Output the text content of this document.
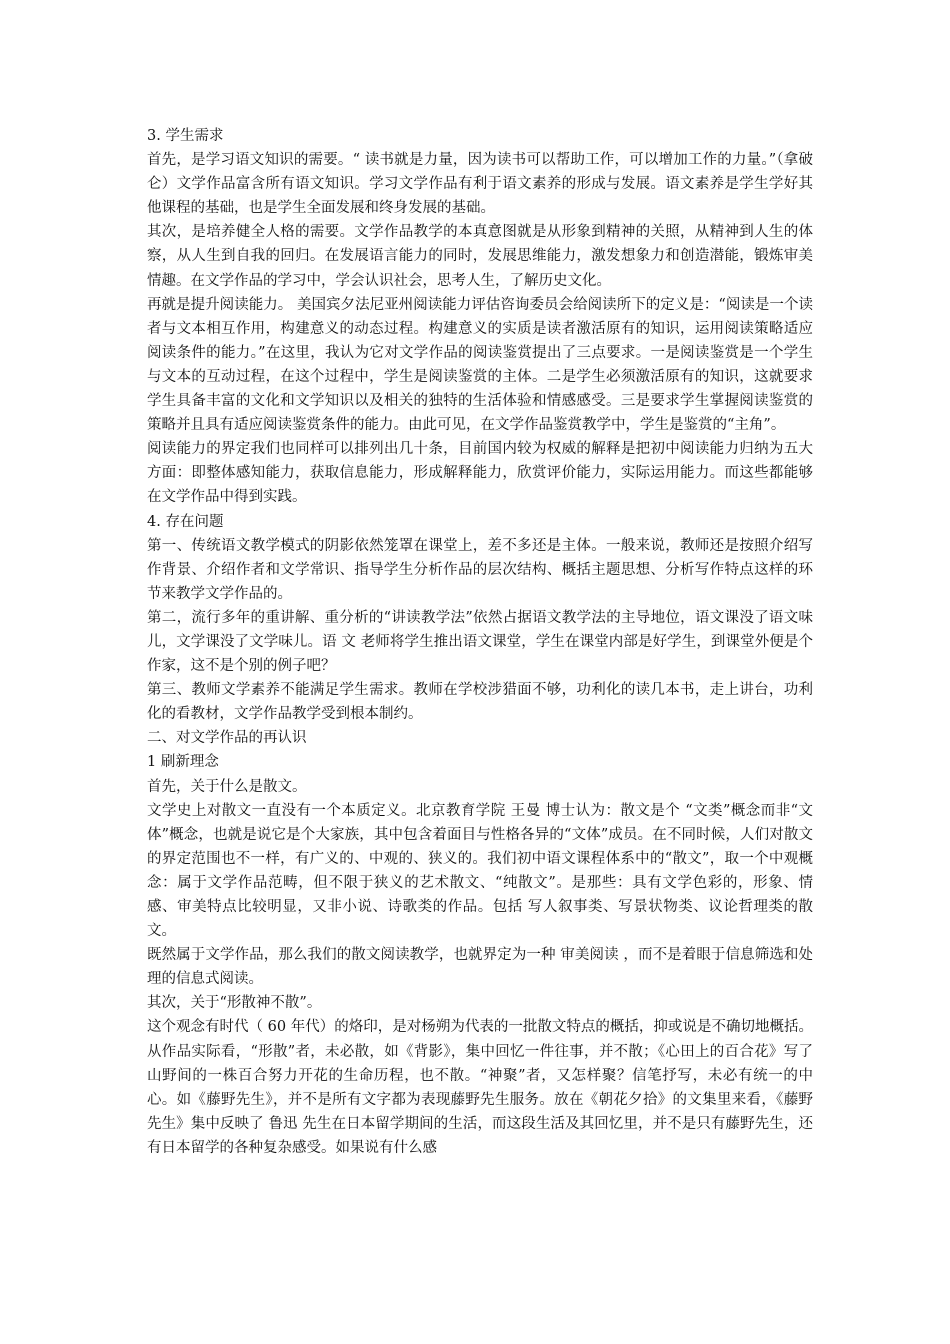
3. 学生需求

首先，是学习语文知识的需要。“ 读书就是力量，因为读书可以帮助工作，可以增加工作的力量。”（拿破仑）文学作品富含所有语文知识。学习文学作品有利于语文素养的形成与发展。语文素养是学生学好其他课程的基础，也是学生全面发展和终身发展的基础。

其次，是培养健全人格的需要。文学作品教学的本真意图就是从形象到精神的关照，从精神到人生的体察，从人生到自我的回归。在发展语言能力的同时，发展思维能力，激发想象力和创造潜能，锻炼审美情趣。在文学作品的学习中，学会认识社会，思考人生，了解历史文化。

再就是提升阅读能力。 美国宾夕法尼亚州阅读能力评估咨询委员会给阅读所下的定义是：“阅读是一个读者与文本相互作用，构建意义的动态过程。构建意义的实质是读者激活原有的知识，运用阅读策略适应阅读条件的能力。”在这里，我认为它对文学作品的阅读鉴赏提出了三点要求。一是阅读鉴赏是一个学生与文本的互动过程，在这个过程中，学生是阅读鉴赏的主体。二是学生必须激活原有的知识，这就要求学生具备丰富的文化和文学知识以及相关的独特的生活体验和情感感受。三是要求学生掌握阅读鉴赏的策略并且具有适应阅读鉴赏条件的能力。由此可见，在文学作品鉴赏教学中，学生是鉴赏的“主角”。

阅读能力的界定我们也同样可以排列出几十条，目前国内较为权威的解释是把初中阅读能力归纳为五大方面：即整体感知能力，获取信息能力，形成解释能力，欣赏评价能力，实际运用能力。而这些都能够在文学作品中得到实践。

4. 存在问题

第一、传统语文教学模式的阴影依然笼罩在课堂上，差不多还是主体。一般来说，教师还是按照介绍写作背景、介绍作者和文学常识、指导学生分析作品的层次结构、概括主题思想、分析写作特点这样的环节来教学文学作品的。

第二，流行多年的重讲解、重分析的“讲读教学法”依然占据语文教学法的主导地位，语文课没了语文味儿，文学课没了文学味儿。语 文 老师将学生推出语文课堂，学生在课堂内部是好学生，到课堂外便是个作家，这不是个别的例子吧？

第三、教师文学素养不能满足学生需求。教师在学校涉猎面不够，功利化的读几本书，走上讲台，功利化的看教材，文学作品教学受到根本制约。

二、对文学作品的再认识

1 刷新理念

首先，关于什么是散文。

文学史上对散文一直没有一个本质定义。北京教育学院 王曼 博士认为：散文是个 “文类”概念而非“文体”概念，也就是说它是个大家族，其中包含着面目与性格各异的“文体”成员。在不同时候，人们对散文的界定范围也不一样，有广义的、中观的、狭义的。我们初中语文课程体系中的“散文”，取一个中观概念：属于文学作品范畴，但不限于狭义的艺术散文、“纯散文”。是那些：具有文学色彩的，形象、情感、审美特点比较明显，又非小说、诗歌类的作品。包括 写人叙事类、写景状物类、议论哲理类的散文。

既然属于文学作品，那么我们的散文阅读教学，也就界定为一种 审美阅读 ，而不是着眼于信息筛选和处理的信息式阅读。

其次，关于“形散神不散”。

这个观念有时代（ 60 年代）的烙印，是对杨朔为代表的一批散文特点的概括，抑或说是不确切地概括。从作品实际看，“形散”者，未必散，如《背影》，集中回忆一件往事，并不散；《心田上的百合花》写了山野间的一株百合努力开花的生命历程，也不散。“神聚”者，又怎样聚？信笔抒写，未必有统一的中心。如《藤野先生》，并不是所有文字都为表现藤野先生服务。放在《朝花夕拾》的文集里来看，《藤野先生》集中反映了 鲁迅 先生在日本留学期间的生活，而这段生活及其回忆里，并不是只有藤野先生，还有日本留学的各种复杂感受。如果说有什么感
